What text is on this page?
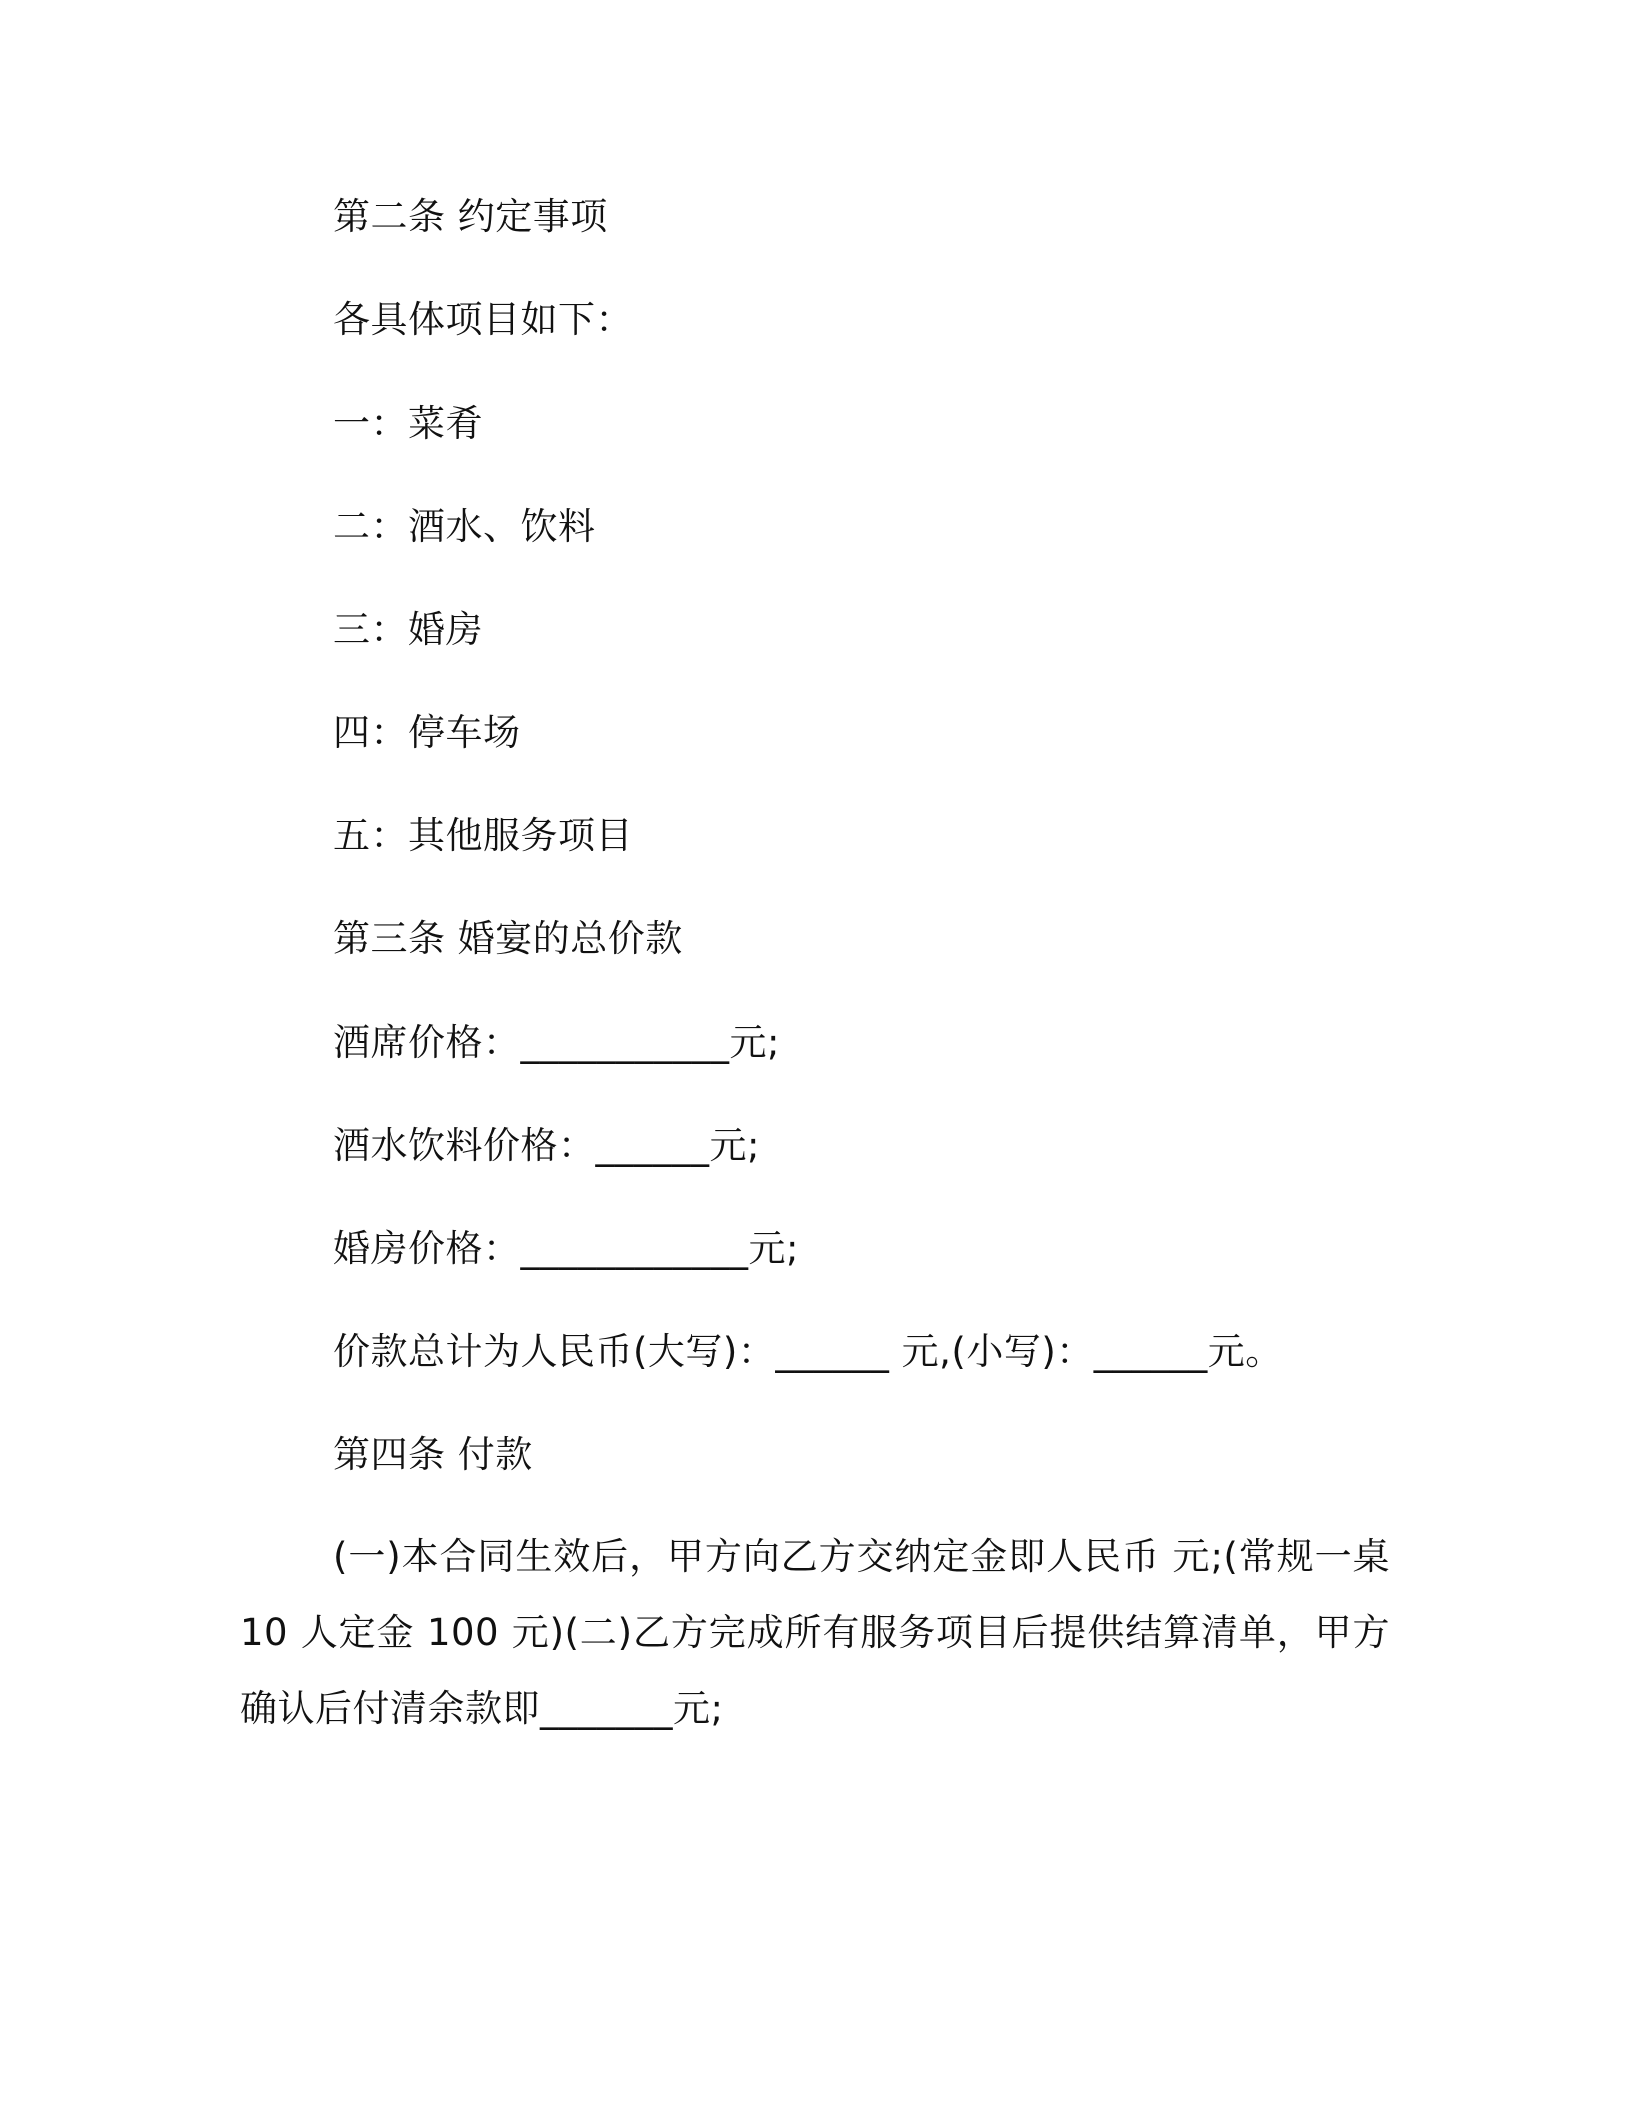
第二条 约定事项
各具体项目如下：
一：菜肴
二：酒水、饮料
三：婚房
四：停车场
五：其他服务项目
第三条 婚宴的总价款
酒席价格：___________元;
酒水饮料价格：______元;
婚房价格：____________元;
价款总计为人民币(大写)：______ 元,(小写)：______元。
第四条 付款
(一)本合同生效后，甲方向乙方交纳定金即人民币 元;(常规一桌 10 人定金 100 元)(二)乙方完成所有服务项目后提供结算清单，甲方确认后付清余款即_______元;
